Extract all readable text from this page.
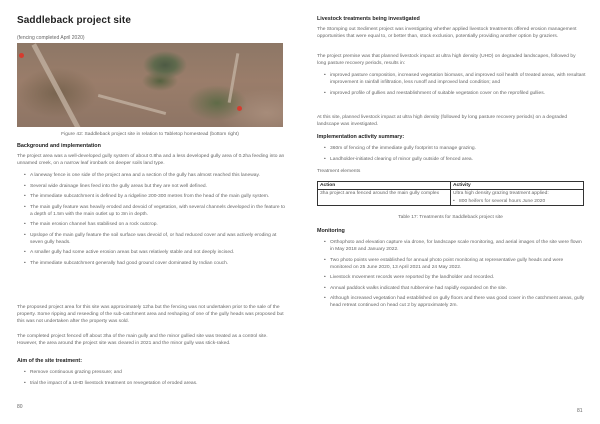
Saddleback project site
(fencing completed April 2020)
Figure 42: Saddleback project site in relation to Tabletop homestead (bottom right)
Background and implementation
The project area was a well-developed gully system of about 0.8ha and a less developed gully area of 0.2ha feeding into an unnamed creek, on a narrow leaf ironbark on deeper soils land type.
• A laneway fence is one side of the project area and a section of the gully has almost reached this laneway.
• Several wide drainage lines feed into the gully areas but they are not well defined.
• The immediate subcatchment is defined by a ridgeline 200-300 metres from the head of the main gully system.
• The main gully feature was heavily eroded and devoid of vegetation, with several channels developed in the feature to a depth of 1.5m with the main outlet up to 3m in depth.
• The main erosion channel has stabilised on a rock outcrop.
• Upslope of the main gully feature the soil surface was devoid of, or had reduced cover and was actively eroding at seven gully heads.
• A smaller gully had some active erosion areas but was relatively stable and not deeply incised.
• The immediate subcatchment generally had good ground cover dominated by Indian couch.
The proposed project area for this site was approximately 12ha but the fencing was not undertaken prior to the sale of the property. Some ripping and reseeding of the sub-catchment area and reshaping of one of the gully heads was proposed but this was not undertaken after the property was sold.
The completed project fenced off about 3ha of the main gully and the minor gullied site was treated as a control site. However, the area around the project site was cleared in 2021 and the minor gully was stick-raked.
Aim of the site treatment:
• Remove continuous grazing pressure; and
• trial the impact of a UHD livestock treatment on revegetation of eroded areas.
80
Livestock treatments being investigated
The Stomping out Sediment project was investigating whether applied livestock treatments offered erosion management opportunities that were equal to, or better than, stock exclusion, potentially providing another option by graziers.
The project premise was that planned livestock impact at ultra high density (UHD) on degraded landscapes, followed by long pasture recovery periods, results in:
• improved pasture composition, increased vegetation biomass, and improved soil health of treated areas, with resultant improvement in rainfall infiltration, less runoff and improved land condition; and
• improved profile of gullies and reestablishment of suitable vegetation cover on the reprofiled gullies.
At this site, planned livestock impact at ultra high density (followed by long pasture recovery periods) on a degraded landscape was investigated.
Implementation activity summary:
• 360m of fencing of the immediate gully footprint to manage grazing.
• Landholder-initiated clearing of minor gully outside of fenced area.
Treatment elements
Action	Activity
3ha project area fenced around the main gully complex	Ultra high density grazing treatment applied:
• 800 heifers for several hours June 2020
Table 17: Treatments for Saddleback project site
Monitoring
• Orthophoto and elevation capture via drone, for landscape scale monitoring, and aerial images of the site were flown in May 2018 and January 2022.
• Two photo points were established for annual photo point monitoring at representative gully heads and were monitored on 25 June 2020, 13 April 2021 and 24 May 2022.
• Livestock movement records were reported by the landholder and recorded.
• Annual paddock walks indicated that rubbervine had rapidly expanded on the site.
• Although increased vegetation had established on gully floors and there was good cover in the catchment areas, gully head retreat continued on head cut 2 by approximately 2m.
81
